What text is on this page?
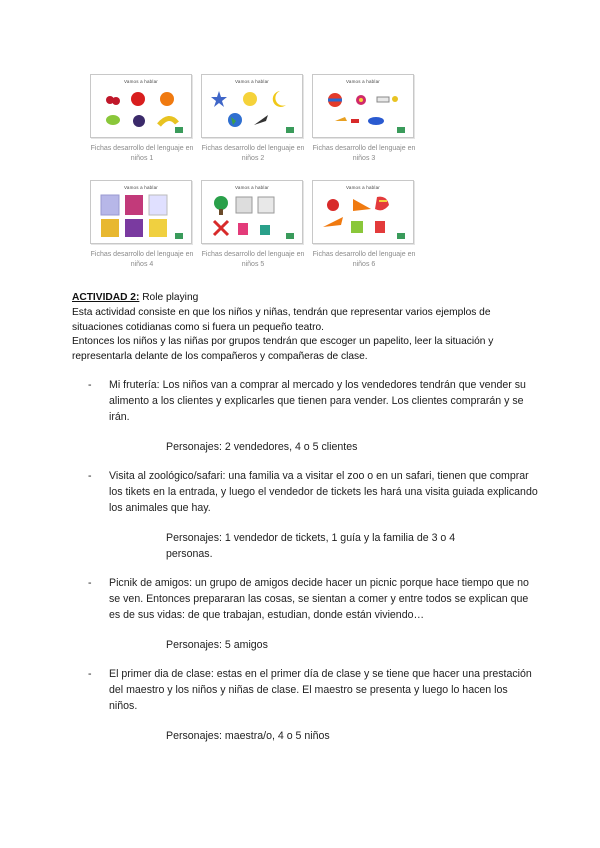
Vamos a hablar
Fichas desarrollo del lenguaje en niños 1
Vamos a hablar
Fichas desarrollo del lenguaje en niños 2
Vamos a hablar
Fichas desarrollo del lenguaje en niños 3
Vamos a hablar
Fichas desarrollo del lenguaje en niños 4
Vamos a hablar
Fichas desarrollo del lenguaje en niños 5
Vamos a hablar
Fichas desarrollo del lenguaje en niños 6

ACTIVIDAD 2: Role playing

Esta actividad consiste en que los niños y niñas, tendrán que representar varios ejemplos de situaciones cotidianas como si fuera un pequeño teatro.

Entonces los niños y las niñas por grupos tendrán que escoger un papelito, leer la situación y representarla delante de los compañeros y compañeras de clase.

- Mi frutería: Los niños van a comprar al mercado y los vendedores tendrán que vender su alimento a los clientes y explicarles que tienen para vender. Los clientes comprarán y se irán.
Personajes: 2 vendedores, 4 o 5 clientes
- Visita al zoológico/safari: una familia va a visitar el zoo o en un safari, tienen que comprar los tikets en la entrada, y luego el vendedor de tickets les hará una visita guiada explicando los animales que hay.
Personajes: 1 vendedor de tickets, 1 guía y la familia de 3 o 4 personas.
- Picnik de amigos: un grupo de amigos decide hacer un picnic porque hace tiempo que no se ven. Entonces prepararan las cosas, se sientan a comer y entre todos se explican que es de sus vidas: de que trabajan, estudian, donde están viviendo…
Personajes: 5 amigos
- El primer dia de clase: estas en el primer día de clase y se tiene que hacer una prestación del maestro y los niños y niñas de clase. El maestro se presenta y luego lo hacen los niños.
Personajes: maestra/o, 4 o 5 niños
